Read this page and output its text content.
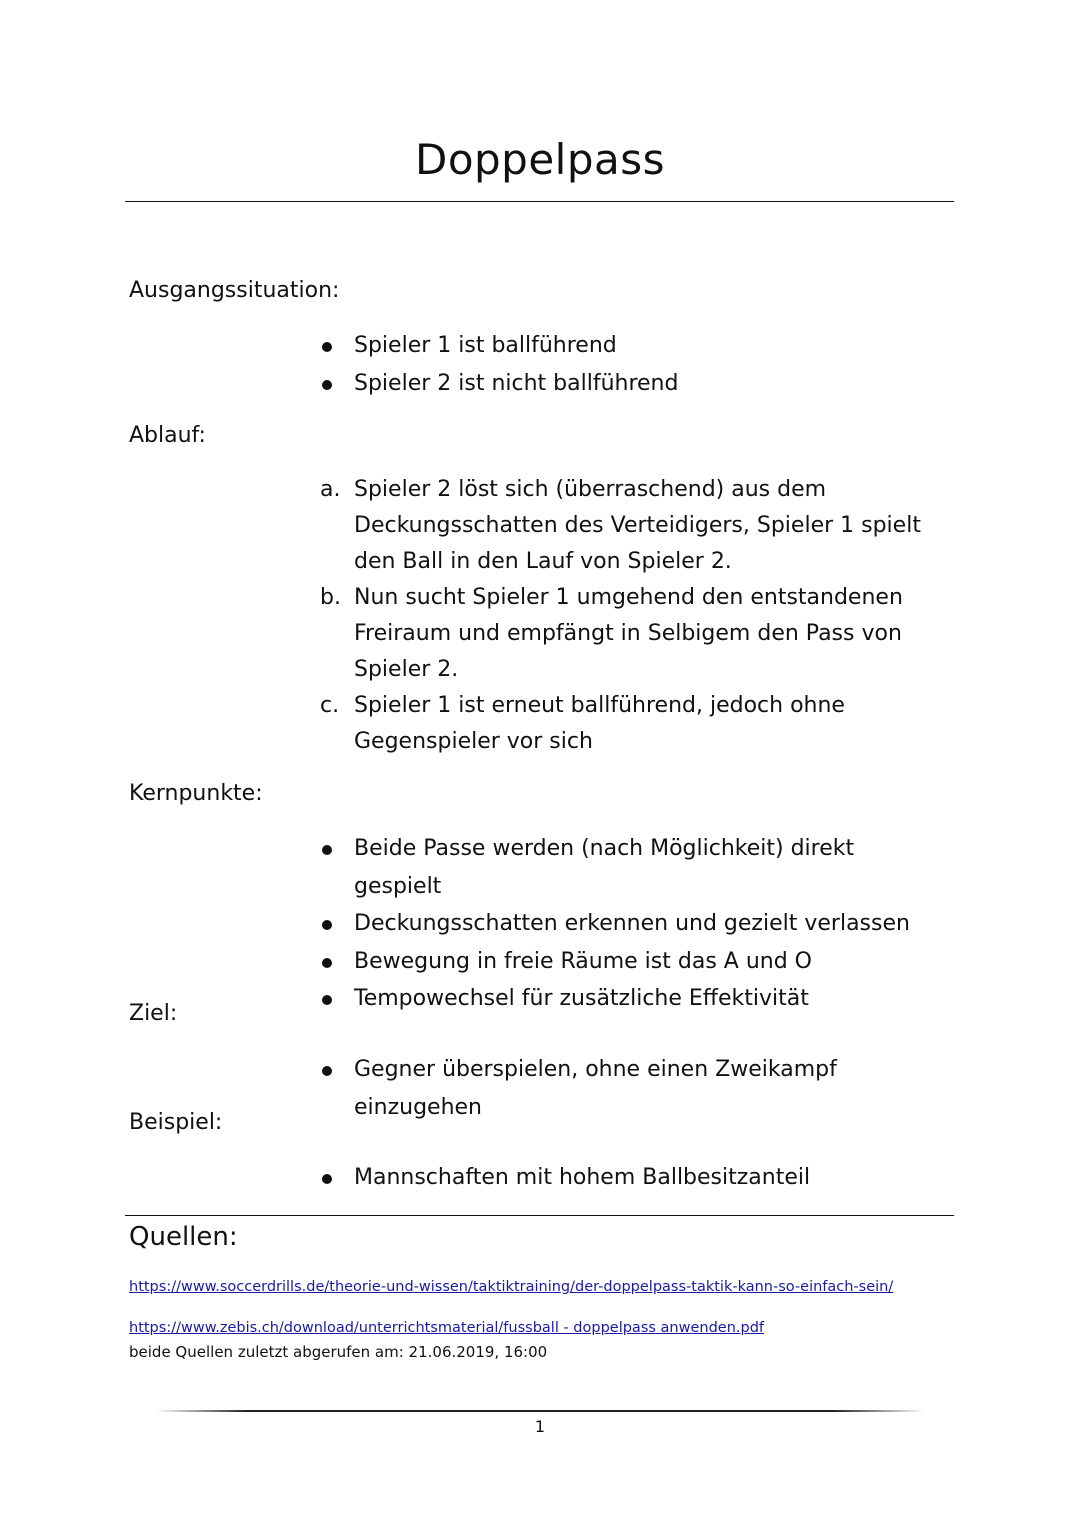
Doppelpass
Ausgangssituation:
Spieler 1 ist ballführend
Spieler 2 ist nicht ballführend
Ablauf:
a. Spieler 2 löst sich (überraschend) aus dem Deckungsschatten des Verteidigers, Spieler 1 spielt den Ball in den Lauf von Spieler 2.
b. Nun sucht Spieler 1 umgehend den entstandenen Freiraum und empfängt in Selbigem den Pass von Spieler 2.
c. Spieler 1 ist erneut ballführend, jedoch ohne Gegenspieler vor sich
Kernpunkte:
Beide Passe werden (nach Möglichkeit) direkt gespielt
Deckungsschatten erkennen und gezielt verlassen
Bewegung in freie Räume ist das A und O
Tempowechsel für zusätzliche Effektivität
Ziel:
Gegner überspielen, ohne einen Zweikampf einzugehen
Beispiel:
Mannschaften mit hohem Ballbesitzanteil
Quellen:
https://www.soccerdrills.de/theorie-und-wissen/taktiktraining/der-doppelpass-taktik-kann-so-einfach-sein/
https://www.zebis.ch/download/unterrichtsmaterial/fussball - doppelpass anwenden.pdf
beide Quellen zuletzt abgerufen am: 21.06.2019, 16:00
1
